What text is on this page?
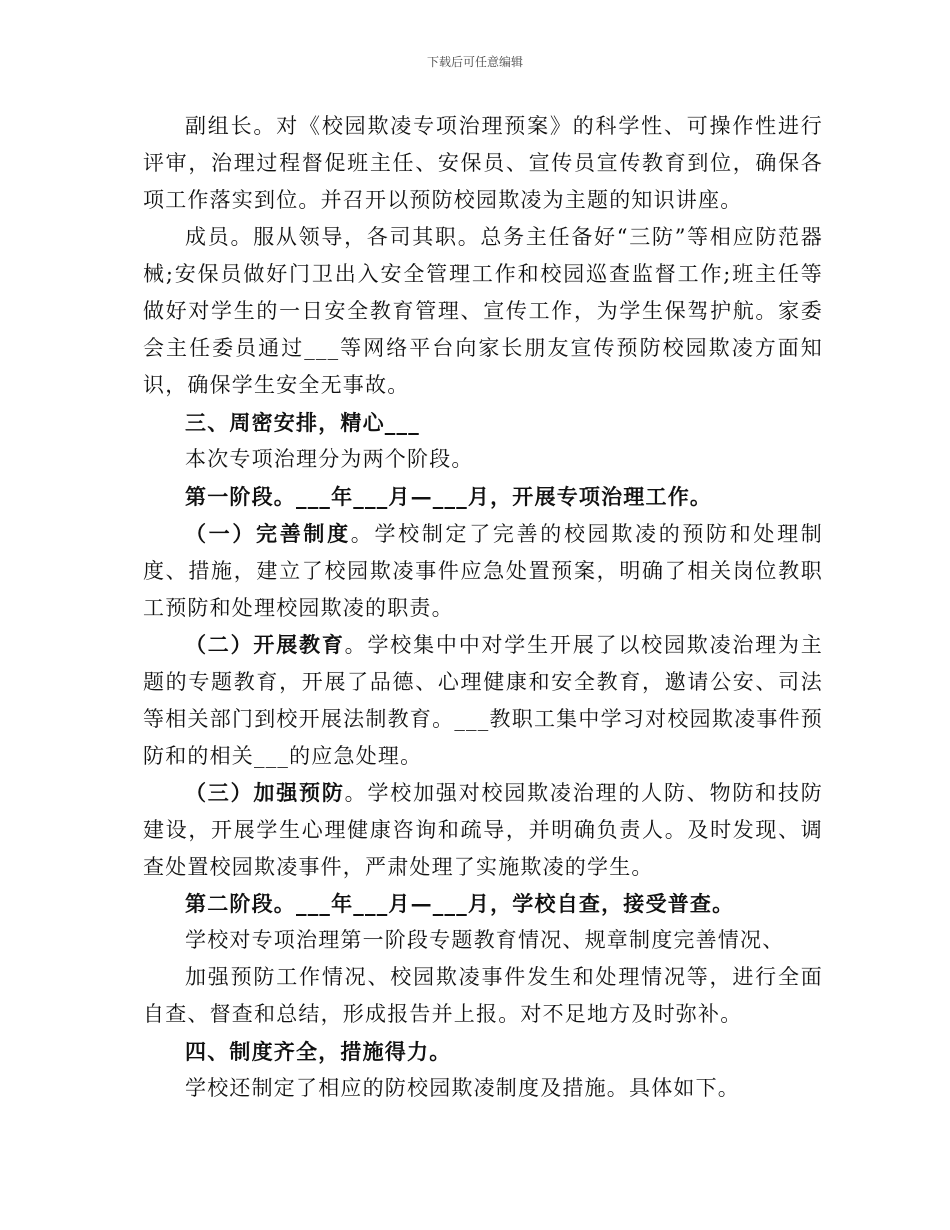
下载后可任意编辑

副组长。对《校园欺凌专项治理预案》的科学性、可操作性进行评审，治理过程督促班主任、安保员、宣传员宣传教育到位，确保各项工作落实到位。并召开以预防校园欺凌为主题的知识讲座。

成员。服从领导，各司其职。总务主任备好“三防”等相应防范器械;安保员做好门卫出入安全管理工作和校园巡查监督工作;班主任等做好对学生的一日安全教育管理、宣传工作，为学生保驾护航。家委会主任委员通过___等网络平台向家长朋友宣传预防校园欺凌方面知识，确保学生安全无事故。

三、周密安排，精心___

本次专项治理分为两个阶段。

第一阶段。___年___月—___月，开展专项治理工作。

（一）完善制度。学校制定了完善的校园欺凌的预防和处理制度、措施，建立了校园欺凌事件应急处置预案，明确了相关岗位教职工预防和处理校园欺凌的职责。

（二）开展教育。学校集中中对学生开展了以校园欺凌治理为主题的专题教育，开展了品德、心理健康和安全教育，邀请公安、司法等相关部门到校开展法制教育。___教职工集中学习对校园欺凌事件预防和的相关___的应急处理。

（三）加强预防。学校加强对校园欺凌治理的人防、物防和技防建设，开展学生心理健康咨询和疏导，并明确负责人。及时发现、调查处置校园欺凌事件，严肃处理了实施欺凌的学生。

第二阶段。___年___月—___月，学校自查，接受普查。

学校对专项治理第一阶段专题教育情况、规章制度完善情况、

加强预防工作情况、校园欺凌事件发生和处理情况等，进行全面自查、督查和总结，形成报告并上报。对不足地方及时弥补。

四、制度齐全，措施得力。

学校还制定了相应的防校园欺凌制度及措施。具体如下。
